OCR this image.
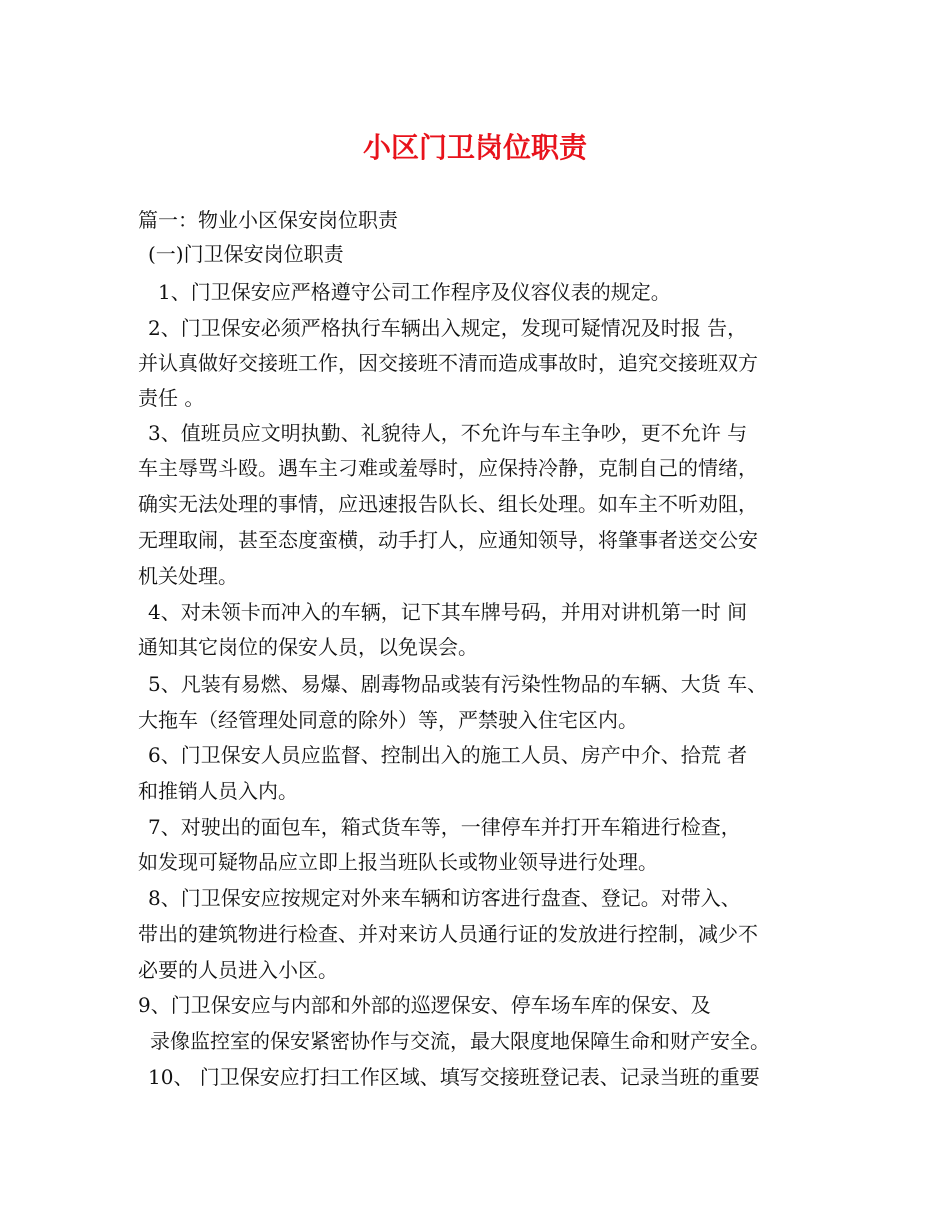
小区门卫岗位职责
篇一：物业小区保安岗位职责
(一)门卫保安岗位职责
1、门卫保安应严格遵守公司工作程序及仪容仪表的规定。
2、门卫保安必须严格执行车辆出入规定，发现可疑情况及时报 告，
并认真做好交接班工作，因交接班不清而造成事故时，追究交接班双方
责任 。
3、值班员应文明执勤、礼貌待人，不允许与车主争吵，更不允许 与
车主辱骂斗殴。遇车主刁难或羞辱时，应保持冷静，克制自己的情绪，
确实无法处理的事情，应迅速报告队长、组长处理。如车主不听劝阻，
无理取闹，甚至态度蛮横，动手打人，应通知领导，将肇事者送交公安
机关处理。
4、对未领卡而冲入的车辆，记下其车牌号码，并用对讲机第一时 间
通知其它岗位的保安人员，以免误会。
5、凡装有易燃、易爆、剧毒物品或装有污染性物品的车辆、大货 车、
大拖车（经管理处同意的除外）等，严禁驶入住宅区内。
6、门卫保安人员应监督、控制出入的施工人员、房产中介、拾荒 者
和推销人员入内。
7、对驶出的面包车，箱式货车等，一律停车并打开车箱进行检查，
如发现可疑物品应立即上报当班队长或物业领导进行处理。
8、门卫保安应按规定对外来车辆和访客进行盘查、登记。对带入、
带出的建筑物进行检查、并对来访人员通行证的发放进行控制，减少不
必要的人员进入小区。
9、门卫保安应与内部和外部的巡逻保安、停车场车库的保安、及
录像监控室的保安紧密协作与交流，最大限度地保障生命和财产安全。
10、 门卫保安应打扫工作区域、填写交接班登记表、记录当班的重要
